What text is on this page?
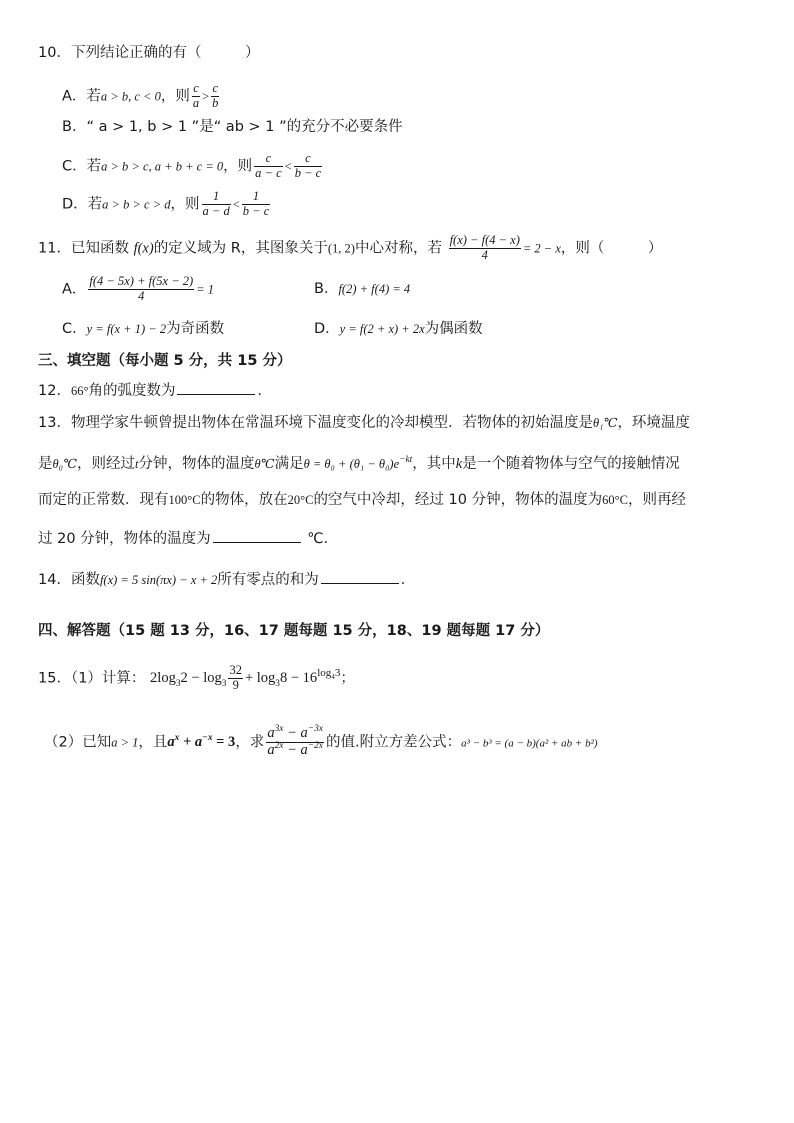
10．下列结论正确的有（　　　）
A．若a > b, c < 0，则 $\frac{c}{a} > \frac{c}{b}$
B．“ a > 1, b > 1 ”是“ ab > 1 ”的充分不必要条件
C．若a > b > c, a + b + c = 0，则 $\frac{c}{a - c} < \frac{c}{b - c}$
D．若a > b > c > d，则 $\frac{1}{a - d} < \frac{1}{b - c}$
11．已知函数 f(x)的定义域为 R，其图象关于(1, 2)中心对称，若 $\frac{f(x) - f(4 - x)}{4} = 2 - x$，则（　　　）
A． $\frac{f(4 - 5x) + f(5x - 2)}{4} = 1$	B．f(2) + f(4) = 4
C．y = f(x + 1) − 2为奇函数	D．y = f(2 + x) + 2x为偶函数
三、填空题（每小题 5 分，共 15 分）
12．66°角的弧度数为	．
13．物理学家牛顿曾提出物体在常温环境下温度变化的冷却模型．若物体的初始温度是θ₁℃，环境温度
是θ₀℃，则经过t分钟，物体的温度θ℃满足$\theta = \theta_0 + (\theta_1 - \theta_0)e^{-kt}$，其中k是一个随着物体与空气的接触情况
而定的正常数．现有100°C的物体，放在20°C的空气中冷却，经过 10 分钟，物体的温度为60°C，则再经
过 20 分钟，物体的温度为	℃．
14．函数f(x) = 5 sin(πx) − x + 2所有零点的和为	．
四、解答题（15 题 13 分，16、17 题每题 15 分，18、19 题每题 17 分）
15．（1）计算： $2\log_32 - \log_3 \frac{32}{9} + \log_38 - 16^{log_43}$；
（2）已知a > 1，且$a^x + a^{-x} = 3$，求 $\frac{a^{3x} - a^{-3x}}{a^{2x} - a^{-2x}}$ 的值.附立方差公式：a³ − b³ = (a − b)(a² + ab + b²)
